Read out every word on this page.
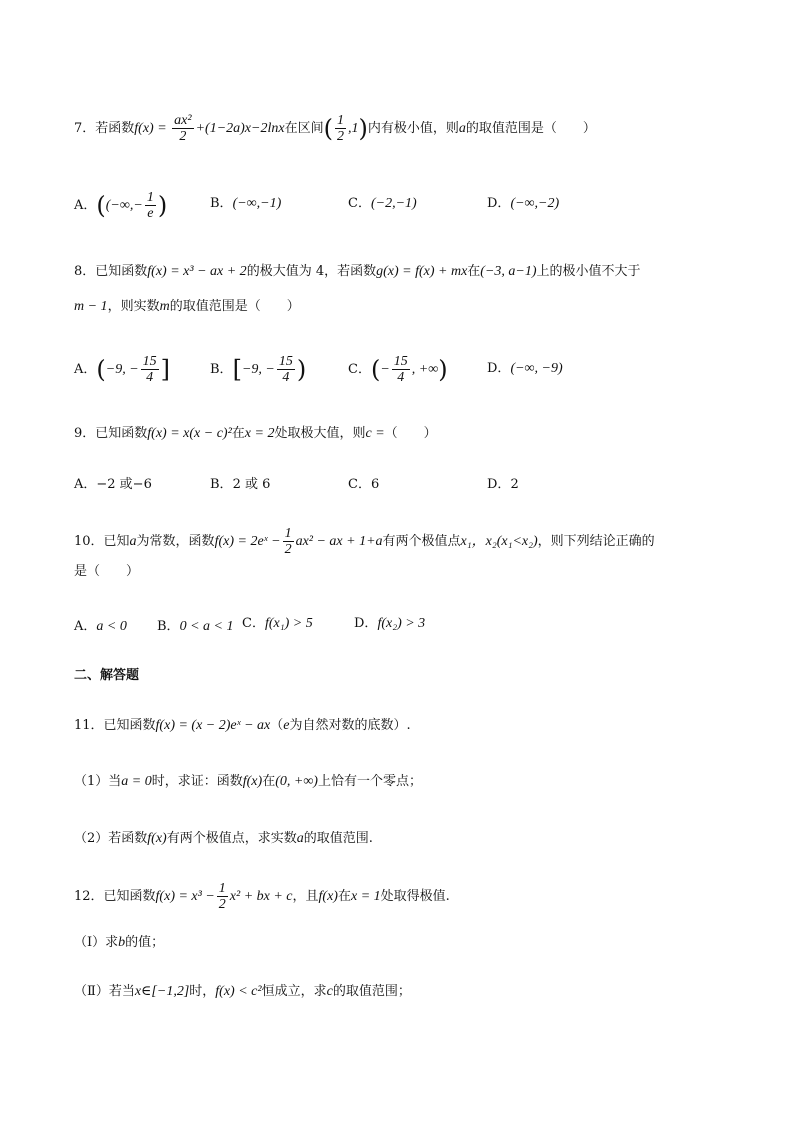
7．若函数$f(x) = \frac{\text{ax²}}{2} +(1-2a)x-2\ln x$在区间( $\frac{1}{2} ,1$)内有极小值，则a的取值范围是（　　）
A．((−∞,− $\frac{1}{e}$ )	B．(−∞,−1)	C．(−2,−1)	D．(−∞,−2)
8．已知函数f(x) = x³ − ax + 2的极大值为 4，若函数g(x) = f(x) + mx在(−3, a−1)上的极小值不大于
m − 1，则实数m的取值范围是（　　）
A．(−9, − $\frac{15}{4}$ ]	B．[−9, − $\frac{15}{4}$ )	C．(− $\frac{15}{4}$ , +∞)	D．(−∞, −9)
9．已知函数f(x) = x(x − c)²在x = 2处取极大值，则c =（　　）
A．−2 或−6	B．2 或 6	C．6	D．2
10．已知a为常数，函数f(x) = 2eˣ − $\frac{1}{2} ax^2$ − ax + 1+a有两个极值点x₁，x₂(x₁<x₂)，则下列结论正确的
是（　　）
A．a < 0 B．0 < a < 1 C．f(x₁) > 5	D．f(x₂) > 3
二、解答题
11．已知函数f(x) = (x − 2)eˣ − ax（e为自然对数的底数）.
（1）当a = 0时，求证：函数f(x)在(0, +∞)上恰有一个零点；
（2）若函数f(x)有两个极值点，求实数a的取值范围.
12．已知函数$f(x) = x^3 - \frac{1}{2} x^2$ + bx + c，且f(x)在x = 1处取得极值.
（Ⅰ）求b的值；
（Ⅱ）若当x∈[−1,2]时，f(x) < c²恒成立，求c的取值范围；
